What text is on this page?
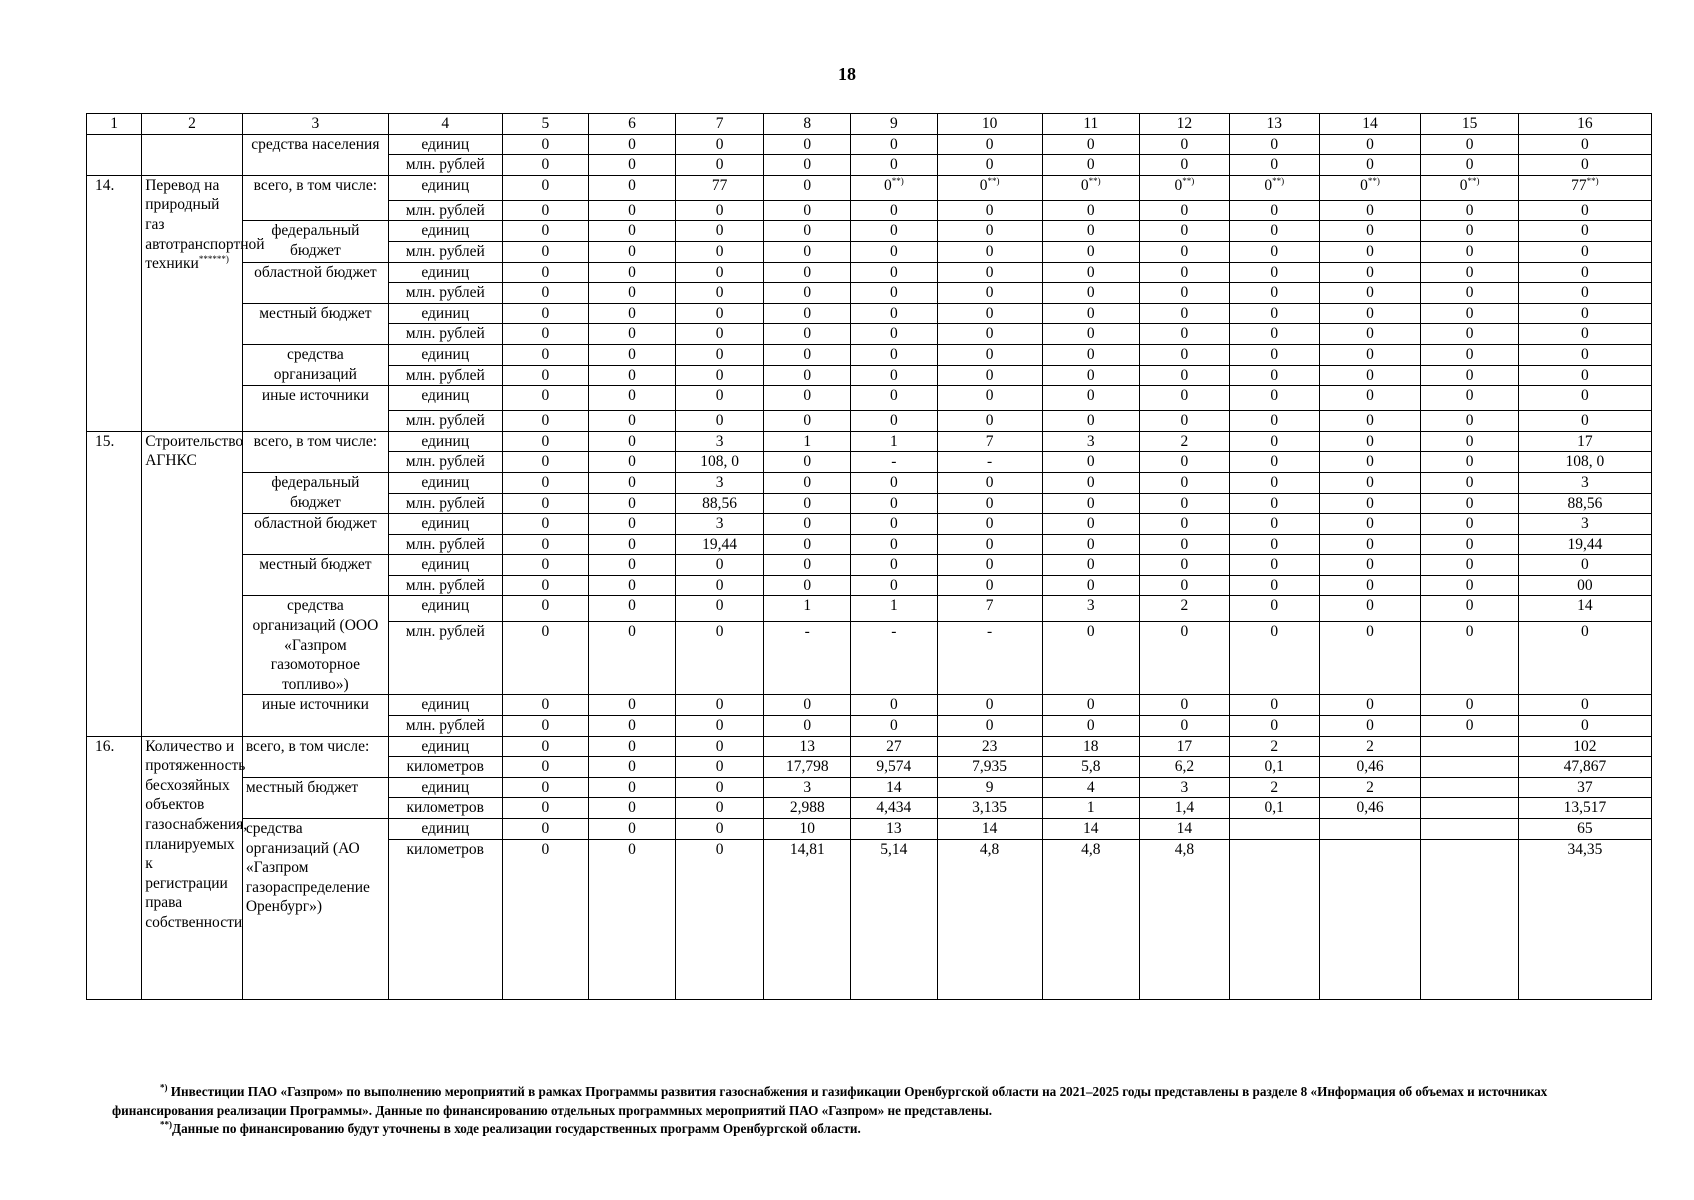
18
1	2	3	4	5	6	7	8	9	10	11	12	13	14	15	16
		средства населения	единиц	0	0	0	0	0	0	0	0	0	0	0	0
			млн. рублей	0	0	0	0	0	0	0	0	0	0	0	0
14.	Перевод на природный газ автотранспортной техники******)	всего, в том числе:	единиц	0	0	77	0	0**)	0**)	0**)	0**)	0**)	0**)	0**)	77**)
			млн. рублей	0	0	0	0	0	0	0	0	0	0	0	0
		федеральный бюджет	единиц	0	0	0	0	0	0	0	0	0	0	0	0
			млн. рублей	0	0	0	0	0	0	0	0	0	0	0	0
		областной бюджет	единиц	0	0	0	0	0	0	0	0	0	0	0	0
			млн. рублей	0	0	0	0	0	0	0	0	0	0	0	0
		местный бюджет	единиц	0	0	0	0	0	0	0	0	0	0	0	0
			млн. рублей	0	0	0	0	0	0	0	0	0	0	0	0
		средства организаций	единиц	0	0	0	0	0	0	0	0	0	0	0	0
			млн. рублей	0	0	0	0	0	0	0	0	0	0	0	0
		иные источники	единиц	0	0	0	0	0	0	0	0	0	0	0	0
			млн. рублей	0	0	0	0	0	0	0	0	0	0	0	0
15.	Строительство АГНКС	всего, в том числе:	единиц	0	0	3	1	1	7	3	2	0	0	0	17
			млн. рублей	0	0	108, 0	0	-	-	0	0	0	0	0	108, 0
		федеральный бюджет	единиц	0	0	3	0	0	0	0	0	0	0	0	3
			млн. рублей	0	0	88,56	0	0	0	0	0	0	0	0	88,56
		областной бюджет	единиц	0	0	3	0	0	0	0	0	0	0	0	3
			млн. рублей	0	0	19,44	0	0	0	0	0	0	0	0	19,44
		местный бюджет	единиц	0	0	0	0	0	0	0	0	0	0	0	0
			млн. рублей	0	0	0	0	0	0	0	0	0	0	0	00
		средства организаций (ООО «Газпром газомоторное топливо»)	единиц	0	0	0	1	1	7	3	2	0	0	0	14
			млн. рублей	0	0	0	-	-	-	0	0	0	0	0	0
		иные источники	единиц	0	0	0	0	0	0	0	0	0	0	0	0
			млн. рублей	0	0	0	0	0	0	0	0	0	0	0	0
16.	Количество и протяженность бесхозяйных объектов газоснабжения, планируемых к регистрации права собственности	всего, в том числе:	единиц	0	0	0	13	27	23	18	17	2	2		102
			километров	0	0	0	17,798	9,574	7,935	5,8	6,2	0,1	0,46		47,867
		местный бюджет	единиц	0	0	0	3	14	9	4	3	2	2		37
			километров	0	0	0	2,988	4,434	3,135	1	1,4	0,1	0,46		13,517
		средства организаций (АО «Газпром газораспределение Оренбург»)	единиц	0	0	0	10	13	14	14	14				65
			километров	0	0	0	14,81	5,14	4,8	4,8	4,8				34,35
*) Инвестиции ПАО «Газпром» по выполнению мероприятий в рамках Программы развития газоснабжения и газификации Оренбургской области на 2021–2025 годы представлены в разделе 8 «Информация об объемах и источниках финансирования реализации Программы». Данные по финансированию отдельных программных мероприятий ПАО «Газпром» не представлены.
**)Данные по финансированию будут уточнены в ходе реализации государственных программ Оренбургской области.
